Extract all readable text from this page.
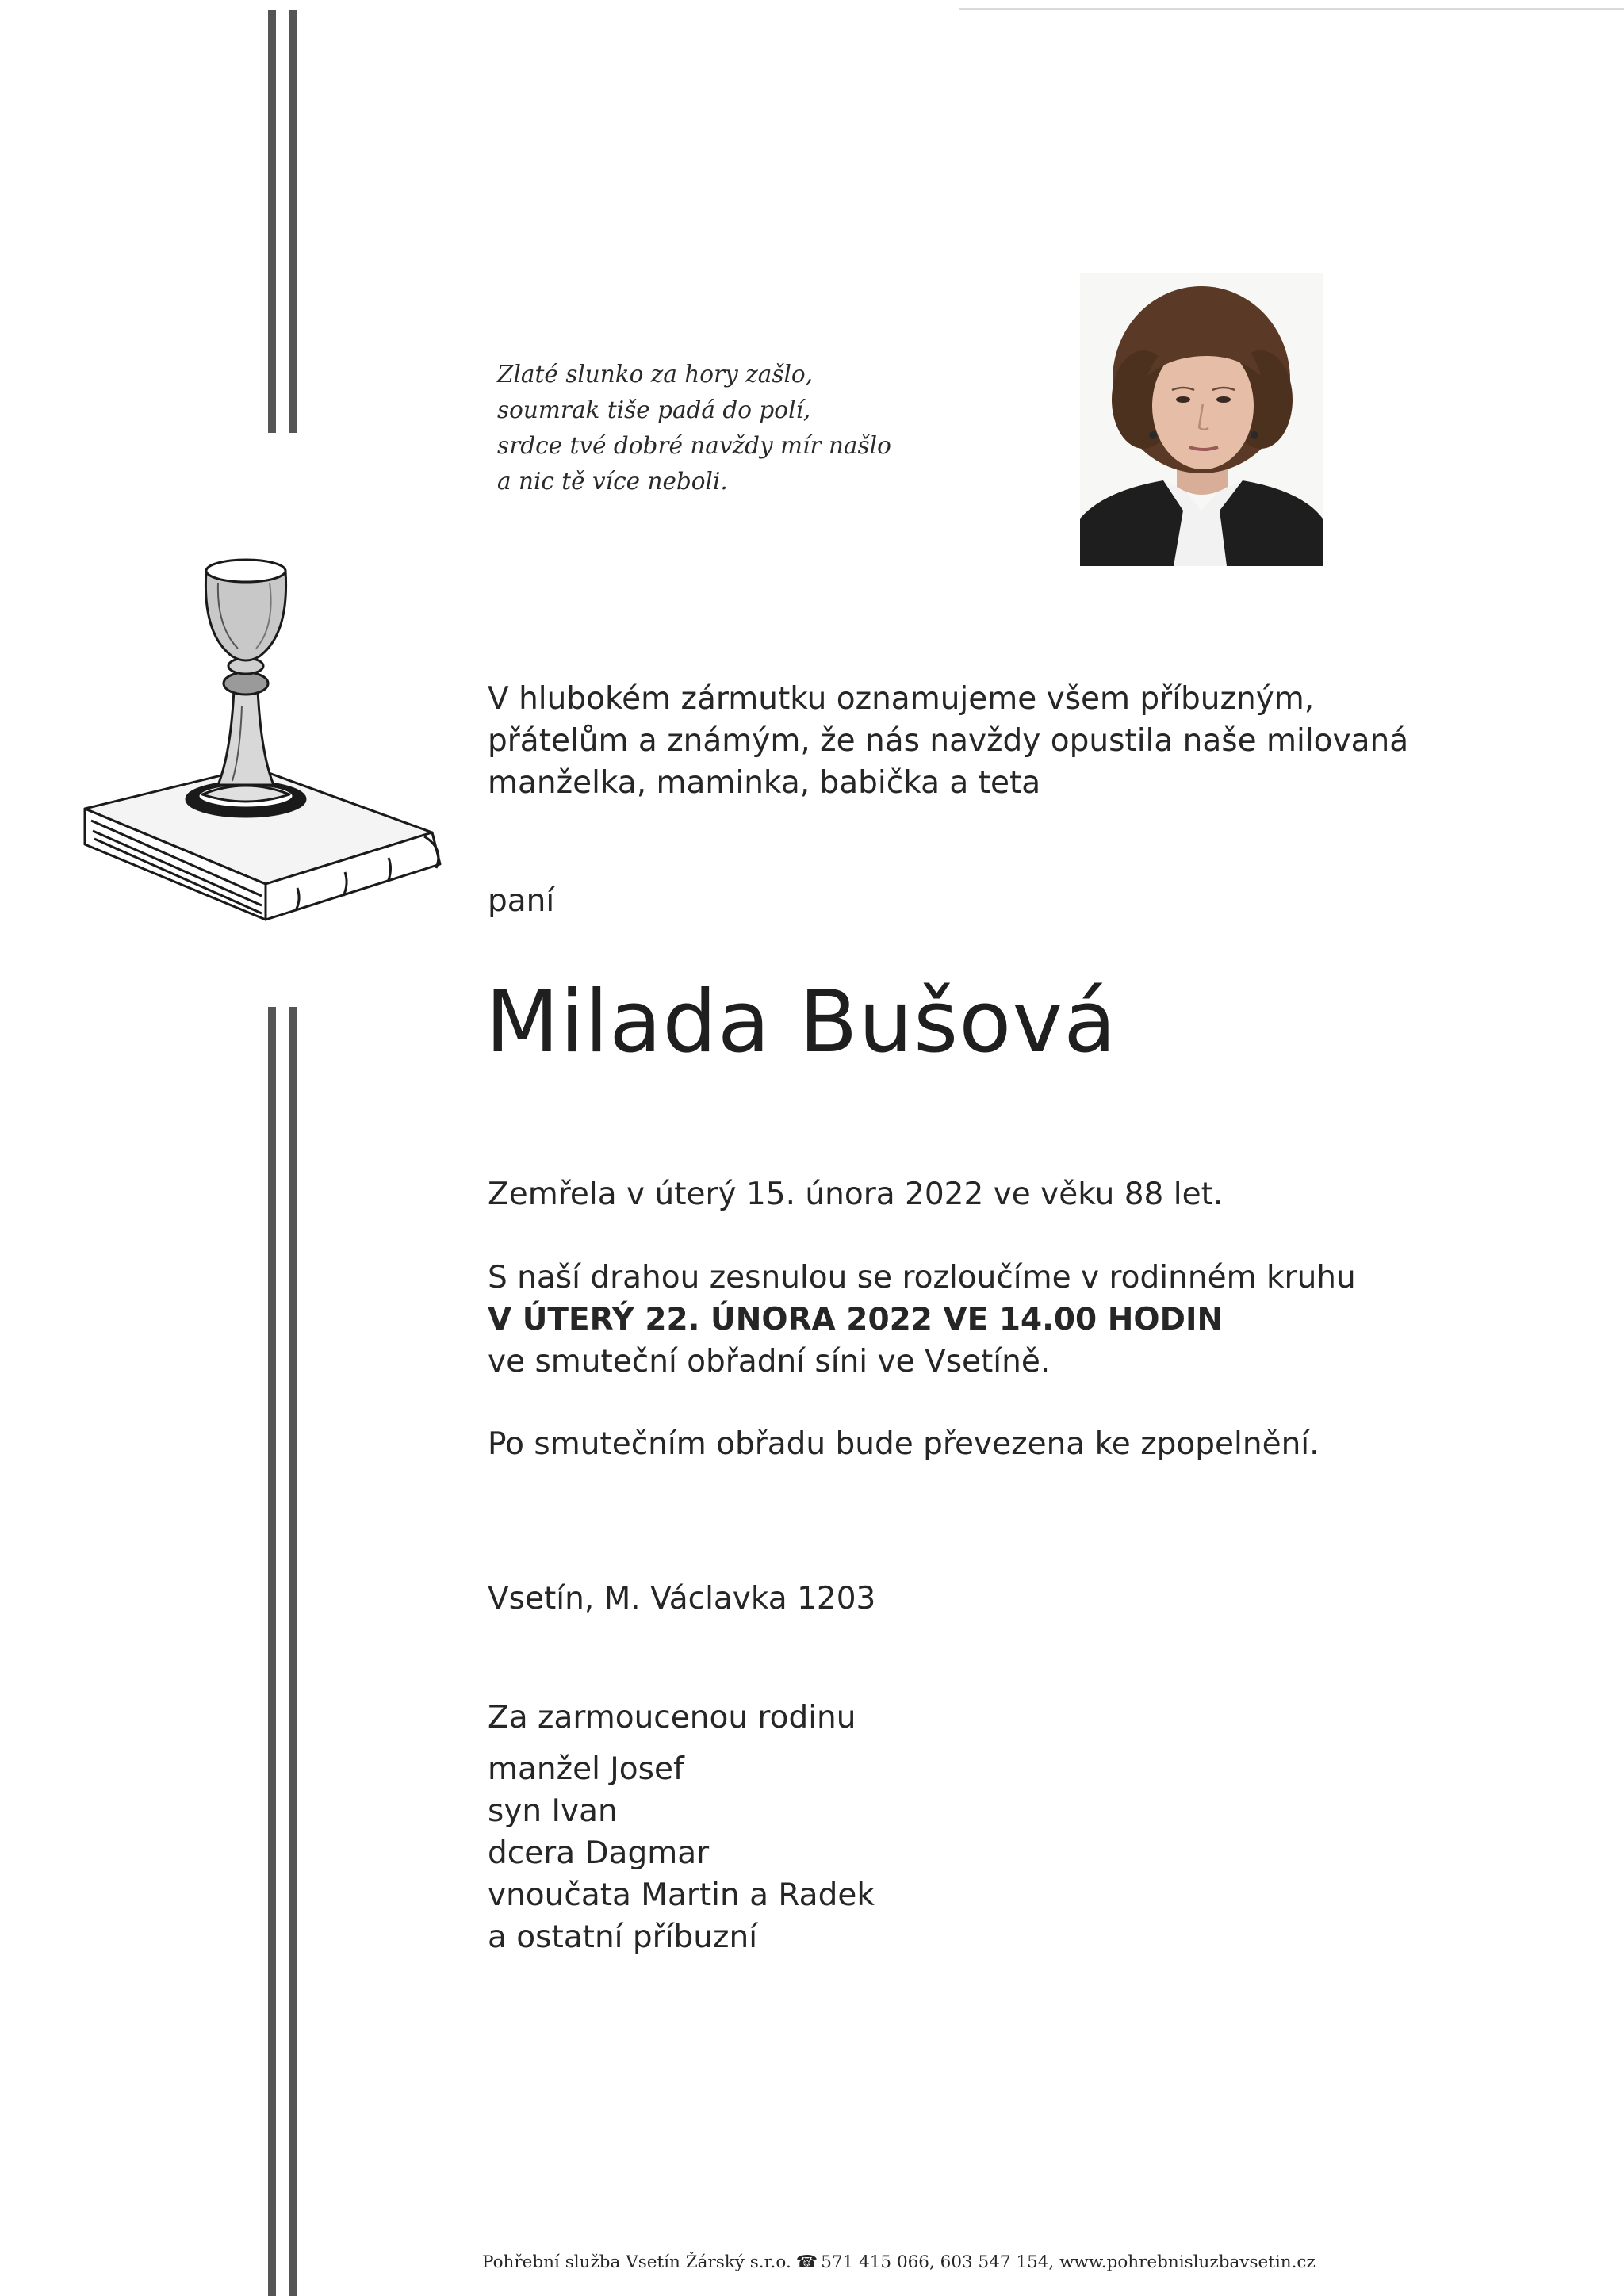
Zlaté slunko za hory zašlo,
soumrak tiše padá do polí,
srdce tvé dobré navždy mír našlo
a nic tě více neboli.
V hlubokém zármutku oznamujeme všem příbuzným,
přátelům a známým, že nás navždy opustila naše milovaná
manželka, maminka, babička a teta
paní
Milada Bušová
Zemřela v úterý 15. února 2022 ve věku 88 let.
S naší drahou zesnulou se rozloučíme v rodinném kruhu
V ÚTERÝ 22. ÚNORA 2022 VE 14.00 HODIN
ve smuteční obřadní síni ve Vsetíně.
Po smutečním obřadu bude převezena ke zpopelnění.
Vsetín, M. Václavka 1203
Za zarmoucenou rodinu
manžel Josef
syn Ivan
dcera Dagmar
vnoučata Martin a Radek
a ostatní příbuzní
Pohřební služba Vsetín Žárský s.r.o. ☎ 571 415 066, 603 547 154, www.pohrebnisluzbavsetin.cz
